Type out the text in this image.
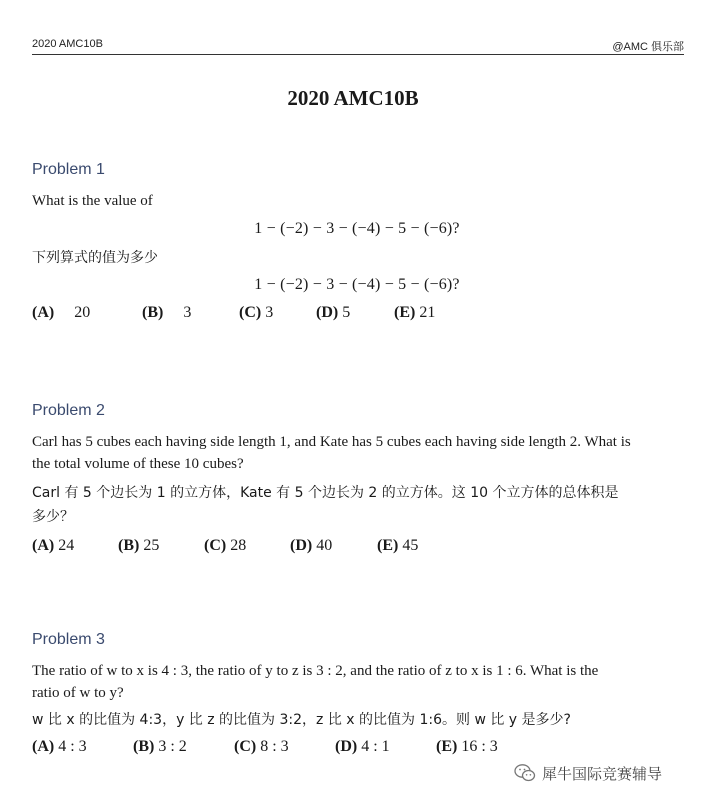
2020 AMC10B	@AMC 俱乐部
2020 AMC10B
Problem 1
What is the value of
1 − (−2) − 3 − (−4) − 5 − (−6)?
下列算式的值为多少
1 − (−2) − 3 − (−4) − 5 − (−6)?
(A) 20	(B) 3	(C) 3	(D) 5	(E) 21
Problem 2
Carl has 5 cubes each having side length 1, and Kate has 5 cubes each having side length 2. What is
the total volume of these 10 cubes?
Carl 有 5 个边长为 1 的立方体，Kate 有 5 个边长为 2 的立方体。这 10 个立方体的总体积是
多少？
(A) 24	(B) 25	(C) 28	(D) 40	(E) 45
Problem 3
The ratio of w to x is 4 : 3, the ratio of y to z is 3 : 2, and the ratio of z to x is 1 : 6. What is the
ratio of w to y?
w 比 x 的比值为 4:3，y 比 z 的比值为 3:2，z 比 x 的比值为 1:6。则 w 比 y 是多少?
(A) 4 : 3	(B) 3 : 2	(C) 8 : 3	(D) 4 : 1	(E) 16 : 3
犀牛国际竞赛辅导
